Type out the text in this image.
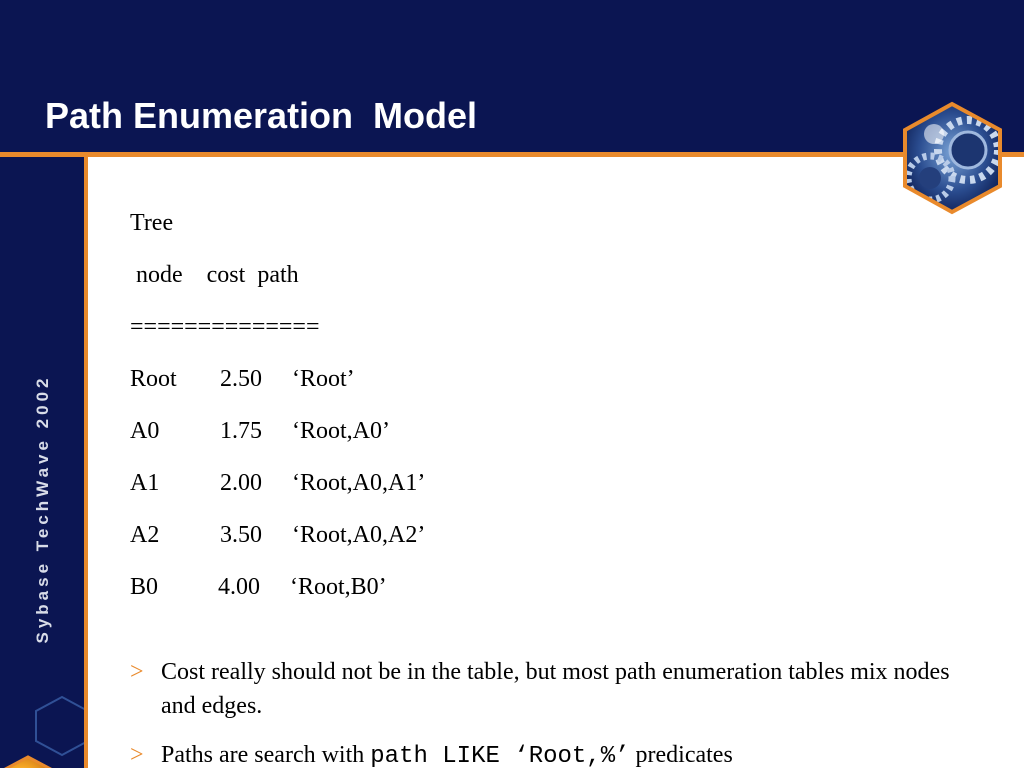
Path Enumeration  Model
Sybase TechWave 2002
Tree
node    cost  path
==============
Root	2.50	‘Root’
A0	1.75	‘Root,A0’
A1	2.00	‘Root,A0,A1’
A2	3.50	‘Root,A0,A2’
B0	4.00	‘Root,B0’
> Cost really should not be in the table, but most path enumeration tables mix nodes and edges.
> Paths are search with path LIKE ‘Root,%’ predicates
